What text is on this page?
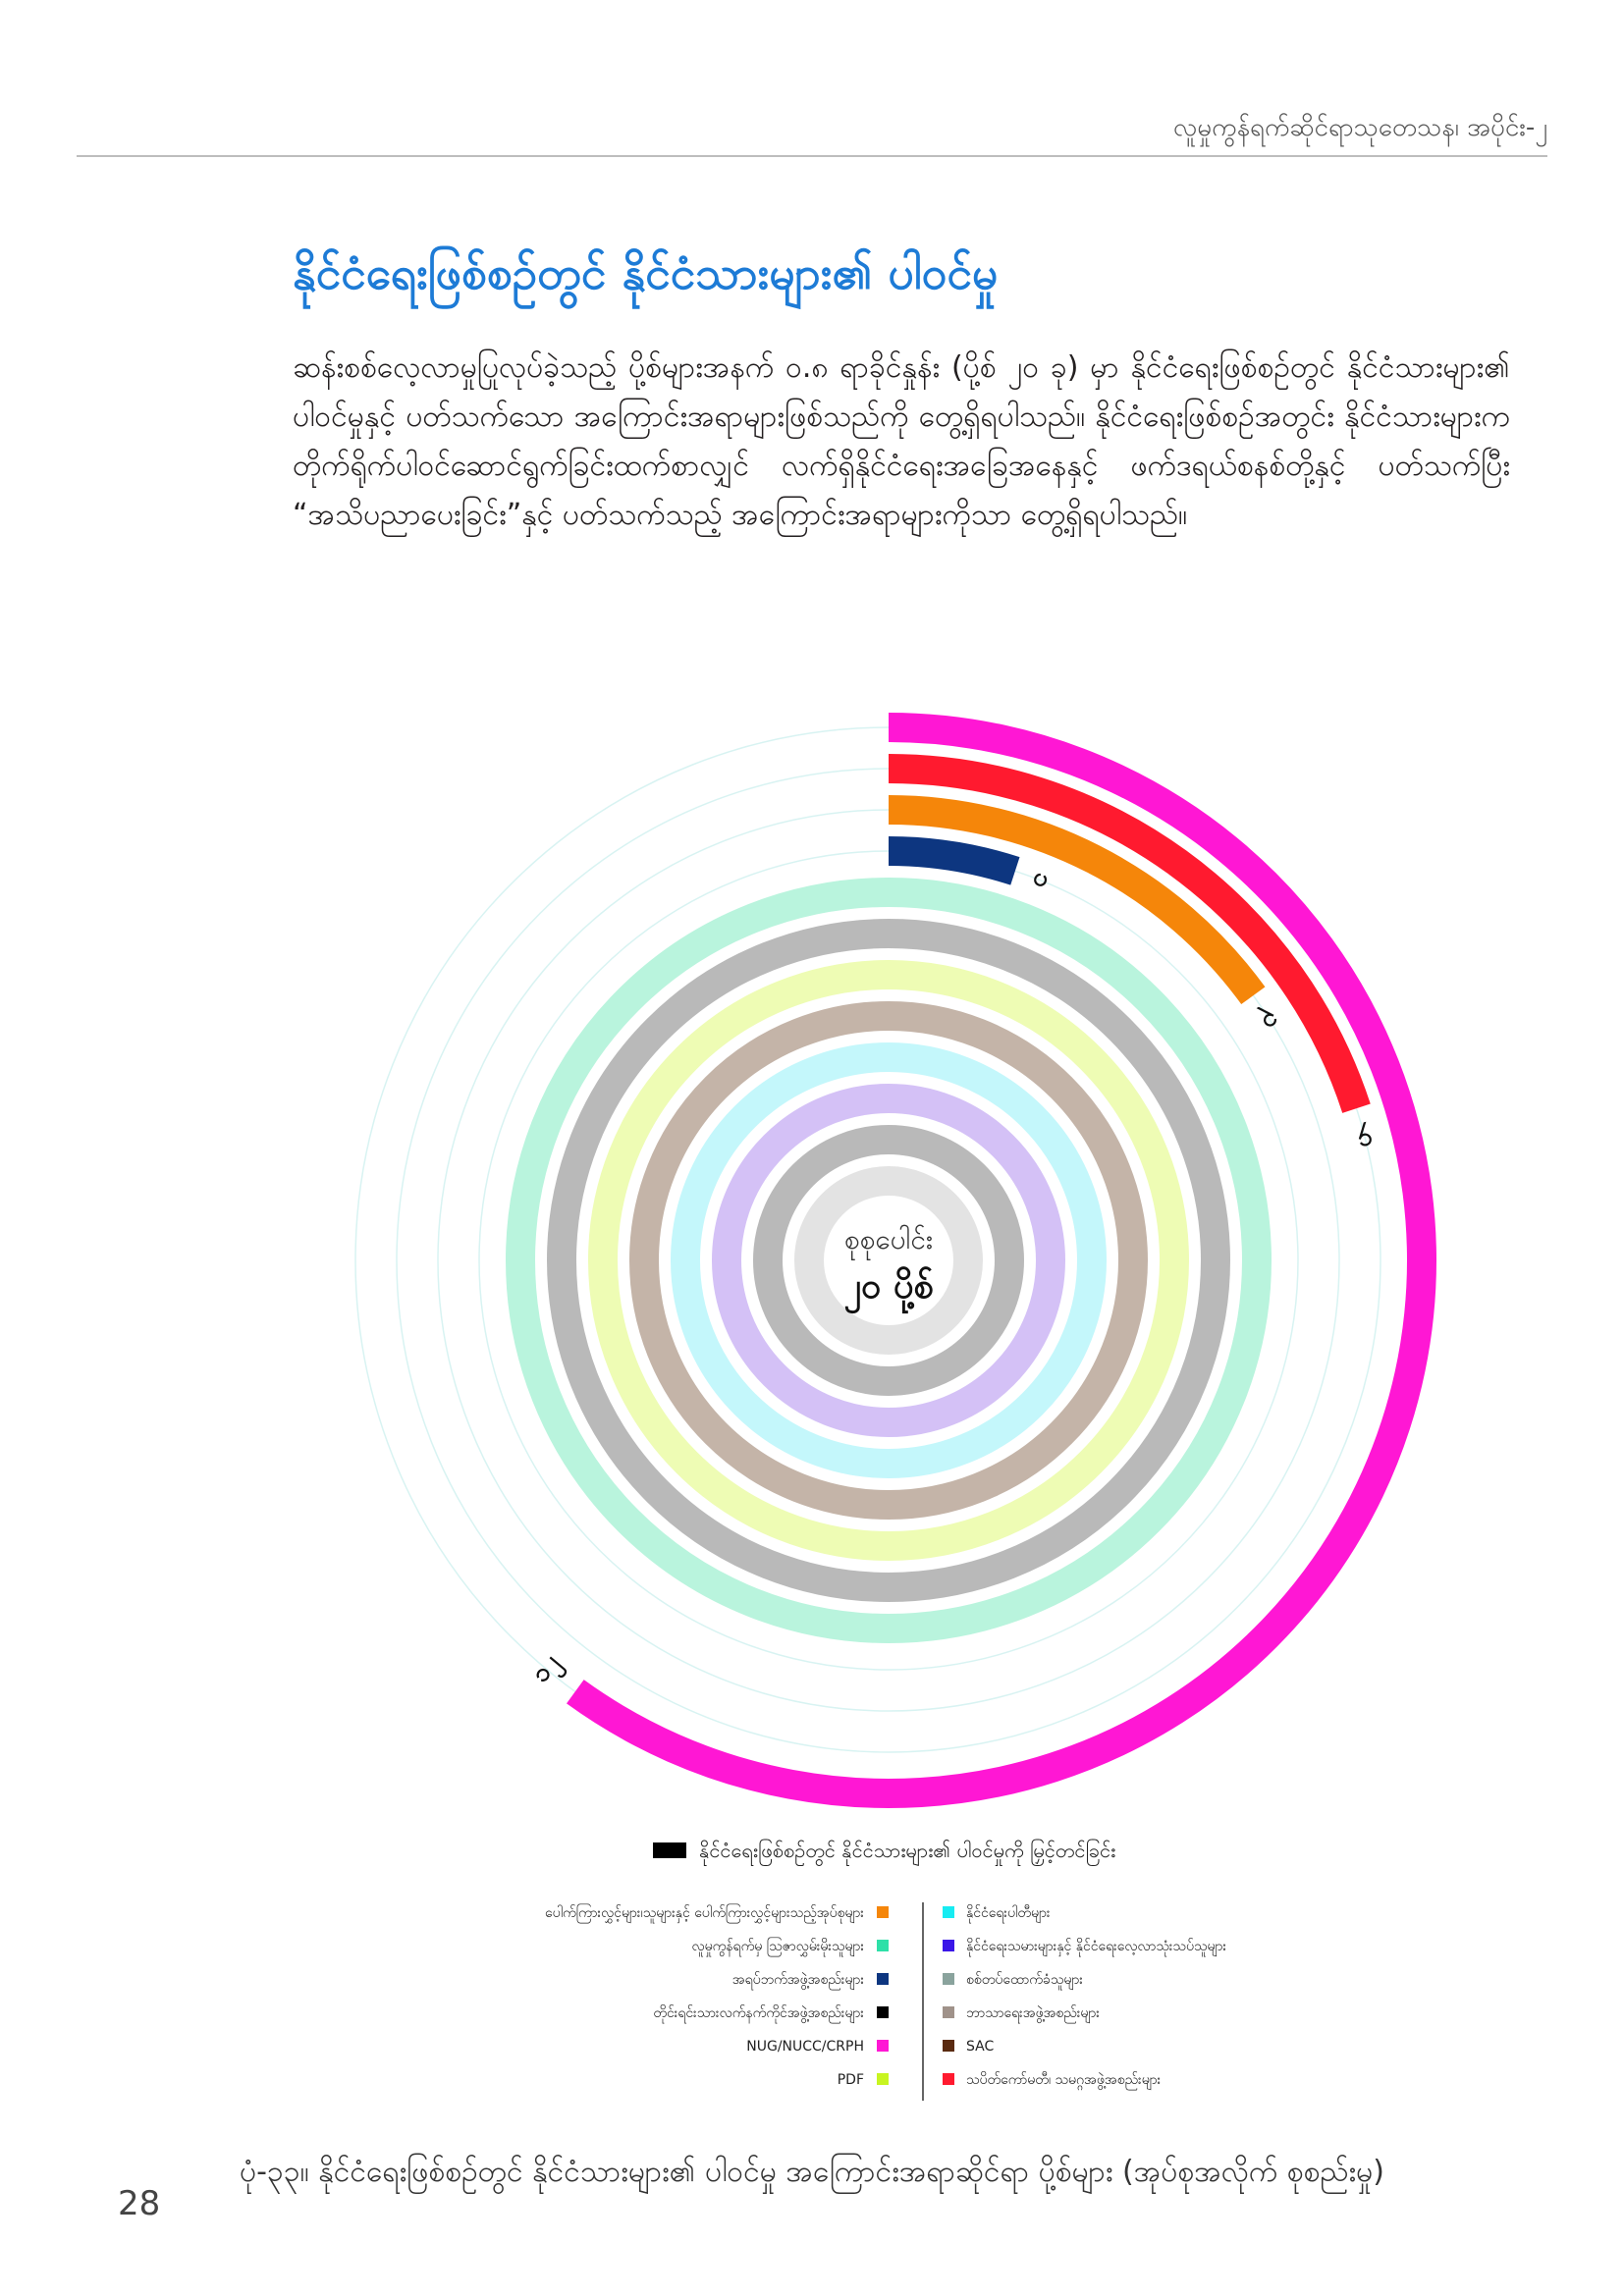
လူမှုကွန်ရက်ဆိုင်ရာသုတေသန၊ အပိုင်း-၂
နိုင်ငံရေးဖြစ်စဉ်တွင် နိုင်ငံသားများ၏ ပါဝင်မှု

ဆန်းစစ်လေ့လာမှုပြုလုပ်ခဲ့သည့် ပို့စ်များအနက် ၀.၈ ရာခိုင်နှုန်း (ပို့စ် ၂၀ ခု) မှာ နိုင်ငံရေးဖြစ်စဉ်တွင် နိုင်ငံသားများ၏ ပါဝင်မှုနှင့် ပတ်သက်သော အကြောင်းအရာများဖြစ်သည်ကို တွေ့ရှိရပါသည်။ နိုင်ငံရေးဖြစ်စဉ်အတွင်း နိုင်ငံသားများက တိုက်ရိုက်ပါဝင်ဆောင်ရွက်ခြင်းထက်စာလျှင် လက်ရှိနိုင်ငံရေးအခြေအနေနှင့် ဖက်ဒရယ်စနစ်တို့နှင့် ပတ်သက်ပြီး “အသိပညာပေးခြင်း”နှင့် ပတ်သက်သည့် အကြောင်းအရာများကိုသာ တွေ့ရှိရပါသည်။

၁၂
၄
၃
၁
စုစုပေါင်း
၂၀ ပို့စ်
နိုင်ငံရေးဖြစ်စဉ်တွင် နိုင်ငံသားများ၏ ပါဝင်မှုကို မြှင့်တင်ခြင်း
ပေါက်ကြားလွှင့်များ၊သူများနှင့် ပေါက်ကြားလွှင့်များသည့်အုပ်စုများ
လူမှုကွန်ရက်မှ သြဇာလွှမ်းမိုးသူများ
အရပ်ဘက်အဖွဲ့အစည်းများ
တိုင်းရင်းသားလက်နက်ကိုင်အဖွဲ့အစည်းများ
NUG/NUCC/CRPH
PDF
နိုင်ငံရေးပါတီများ
နိုင်ငံရေးသမားများနှင့် နိုင်ငံရေးလေ့လာသုံးသပ်သူများ
စစ်တပ်ထောက်ခံသူများ
ဘာသာရေးအဖွဲ့အစည်းများ
SAC
သပိတ်ကော်မတီ၊ သမဂ္ဂအဖွဲ့အစည်းများ
ပုံ-၃၃။ နိုင်ငံရေးဖြစ်စဉ်တွင် နိုင်ငံသားများ၏ ပါဝင်မှု အကြောင်းအရာဆိုင်ရာ ပို့စ်များ (အုပ်စုအလိုက် စုစည်းမှု)
28
